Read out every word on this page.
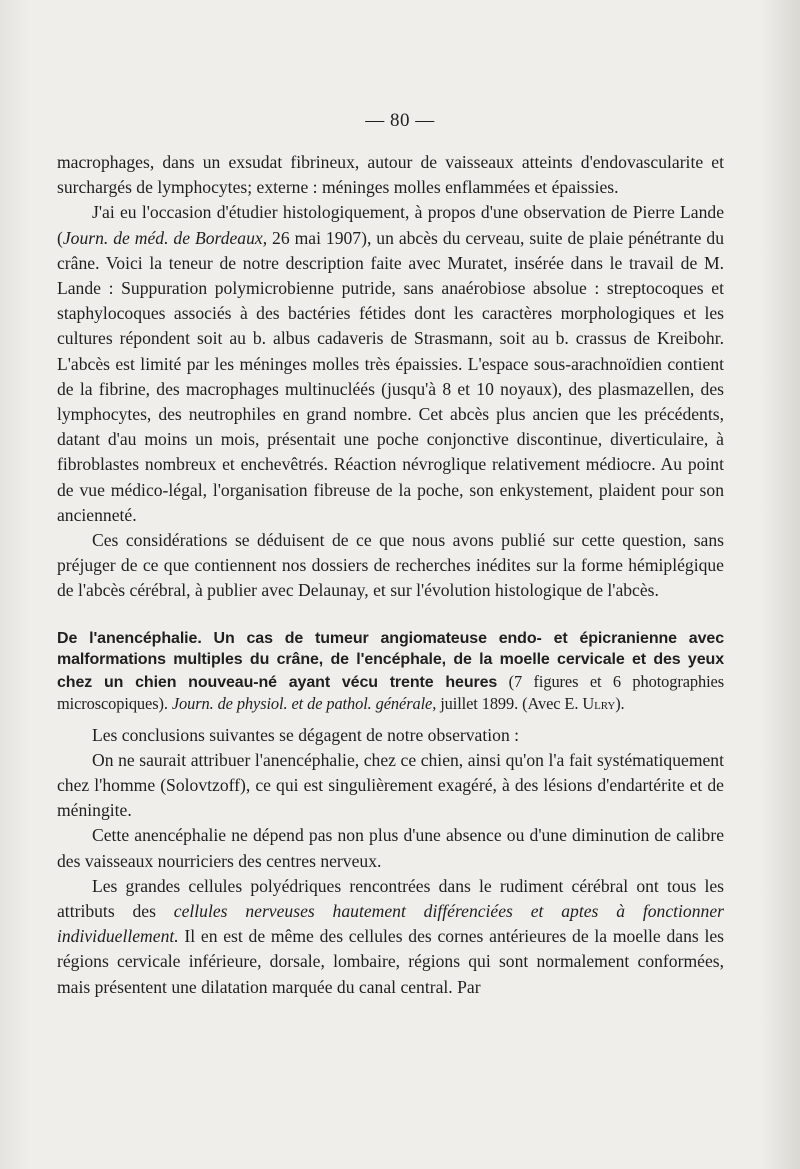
— 80 —

macrophages, dans un exsudat fibrineux, autour de vaisseaux atteints d'endovascularite et surchargés de lymphocytes; externe : méninges molles enflammées et épaissies.

J'ai eu l'occasion d'étudier histologiquement, à propos d'une observation de Pierre Lande (Journ. de méd. de Bordeaux, 26 mai 1907), un abcès du cerveau, suite de plaie pénétrante du crâne. Voici la teneur de notre description faite avec Muratet, insérée dans le travail de M. Lande : Suppuration polymicrobienne putride, sans anaérobiose absolue : streptocoques et staphylocoques associés à des bactéries fétides dont les caractères morphologiques et les cultures répondent soit au b. albus cadaveris de Strasmann, soit au b. crassus de Kreibohr. L'abcès est limité par les méninges molles très épaissies. L'espace sous-arachnoïdien contient de la fibrine, des macrophages multinucléés (jusqu'à 8 et 10 noyaux), des plasmazellen, des lymphocytes, des neutrophiles en grand nombre. Cet abcès plus ancien que les précédents, datant d'au moins un mois, présentait une poche conjonctive discontinue, diverticulaire, à fibroblastes nombreux et enchevêtrés. Réaction névroglique relativement médiocre. Au point de vue médico-légal, l'organisation fibreuse de la poche, son enkystement, plaident pour son ancienneté.

Ces considérations se déduisent de ce que nous avons publié sur cette question, sans préjuger de ce que contiennent nos dossiers de recherches inédites sur la forme hémiplégique de l'abcès cérébral, à publier avec Delaunay, et sur l'évolution histologique de l'abcès.

De l'anencéphalie. Un cas de tumeur angiomateuse endo- et épicranienne avec malformations multiples du crâne, de l'encéphale, de la moelle cervicale et des yeux chez un chien nouveau-né ayant vécu trente heures (7 figures et 6 photographies microscopiques). Journ. de physiol. et de pathol. générale, juillet 1899. (Avec E. Ulry).

Les conclusions suivantes se dégagent de notre observation :

On ne saurait attribuer l'anencéphalie, chez ce chien, ainsi qu'on l'a fait systématiquement chez l'homme (Solovtzoff), ce qui est singulièrement exagéré, à des lésions d'endartérite et de méningite.

Cette anencéphalie ne dépend pas non plus d'une absence ou d'une diminution de calibre des vaisseaux nourriciers des centres nerveux.

Les grandes cellules polyédriques rencontrées dans le rudiment cérébral ont tous les attributs des cellules nerveuses hautement différenciées et aptes à fonctionner individuellement. Il en est de même des cellules des cornes antérieures de la moelle dans les régions cervicale inférieure, dorsale, lombaire, régions qui sont normalement conformées, mais présentent une dilatation marquée du canal central. Par
